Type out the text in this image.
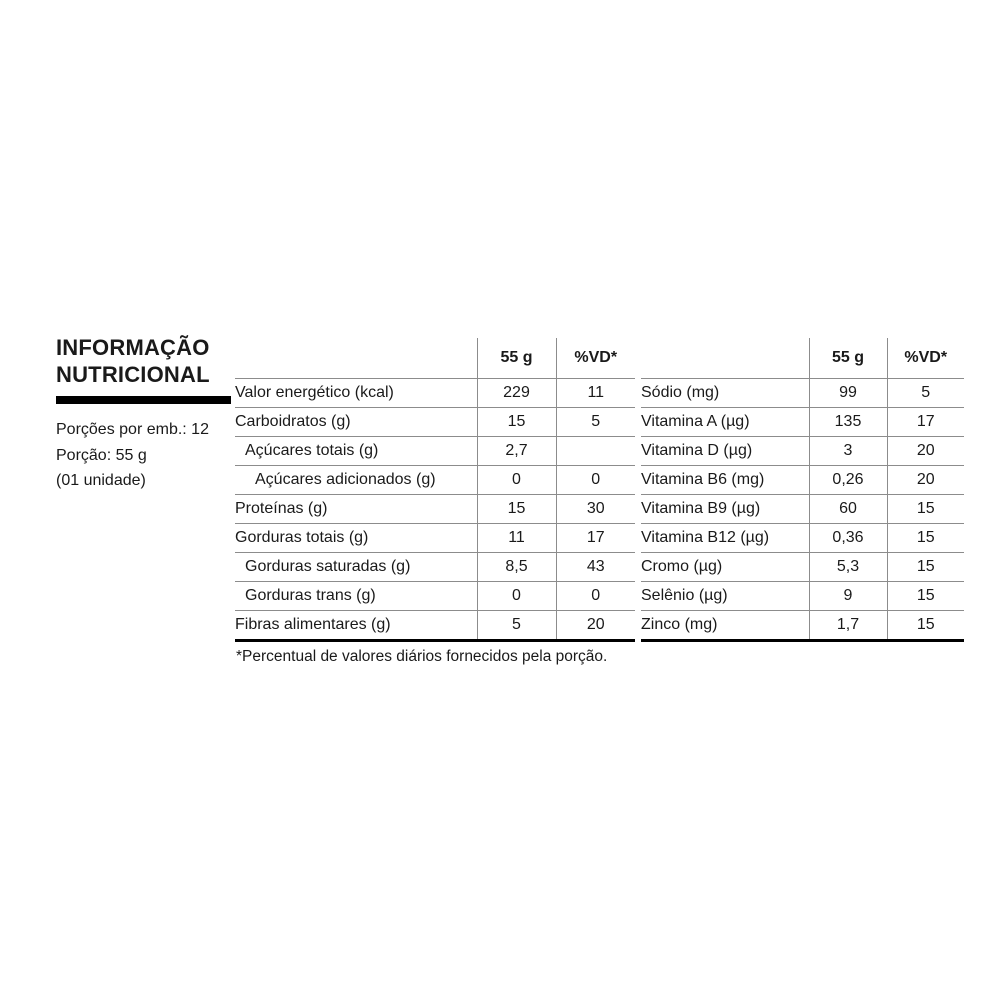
INFORMAÇÃO
NUTRICIONAL
Porções por emb.: 12
Porção: 55 g
(01 unidade)
	55 g	%VD*
Valor energético (kcal)	229	11
Carboidratos (g)	15	5
Açúcares totais (g)	2,7	
Açúcares adicionados (g)	0	0
Proteínas (g)	15	30
Gorduras totais (g)	11	17
Gorduras saturadas (g)	8,5	43
Gorduras trans (g)	0	0
Fibras alimentares (g)	5	20
	55 g	%VD*
Sódio (mg)	99	5
Vitamina A (µg)	135	17
Vitamina D (µg)	3	20
Vitamina B6 (mg)	0,26	20
Vitamina B9 (µg)	60	15
Vitamina B12 (µg)	0,36	15
Cromo (µg)	5,3	15
Selênio (µg)	9	15
Zinco (mg)	1,7	15
*Percentual de valores diários fornecidos pela porção.
